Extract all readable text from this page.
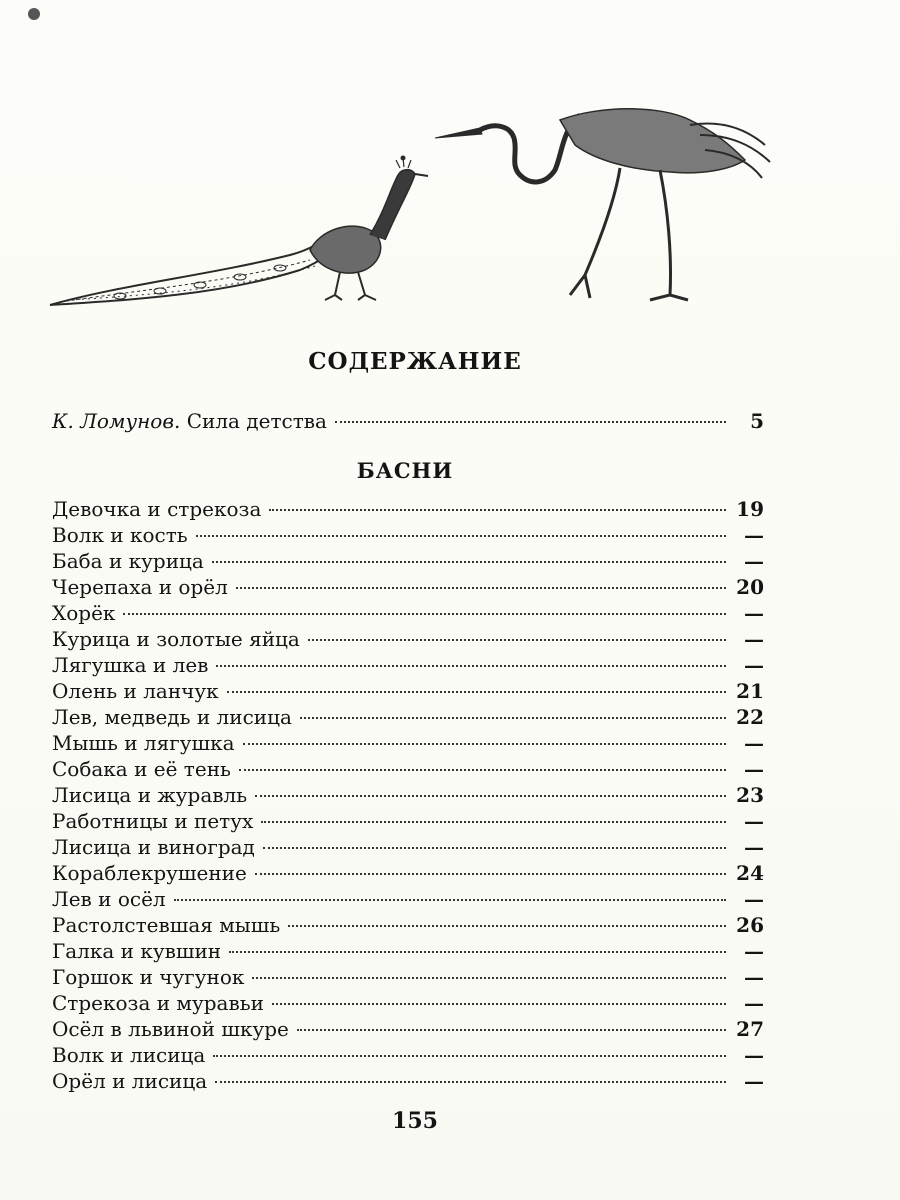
СОДЕРЖАНИЕ
К. Ломунов. Сила детства	5
БАСНИ
Девочка и стрекоза	19
Волк и кость	—
Баба и курица	—
Черепаха и орёл	20
Хорёк	—
Курица и золотые яйца	—
Лягушка и лев	—
Олень и ланчук	21
Лев, медведь и лисица	22
Мышь и лягушка	—
Собака и её тень	—
Лисица и журавль	23
Работницы и петух	—
Лисица и виноград	—
Кораблекрушение	24
Лев и осёл	—
Растолстевшая мышь	26
Галка и кувшин	—
Горшок и чугунок	—
Стрекоза и муравьи	—
Осёл в львиной шкуре	27
Волк и лисица	—
Орёл и лисица	—
155
